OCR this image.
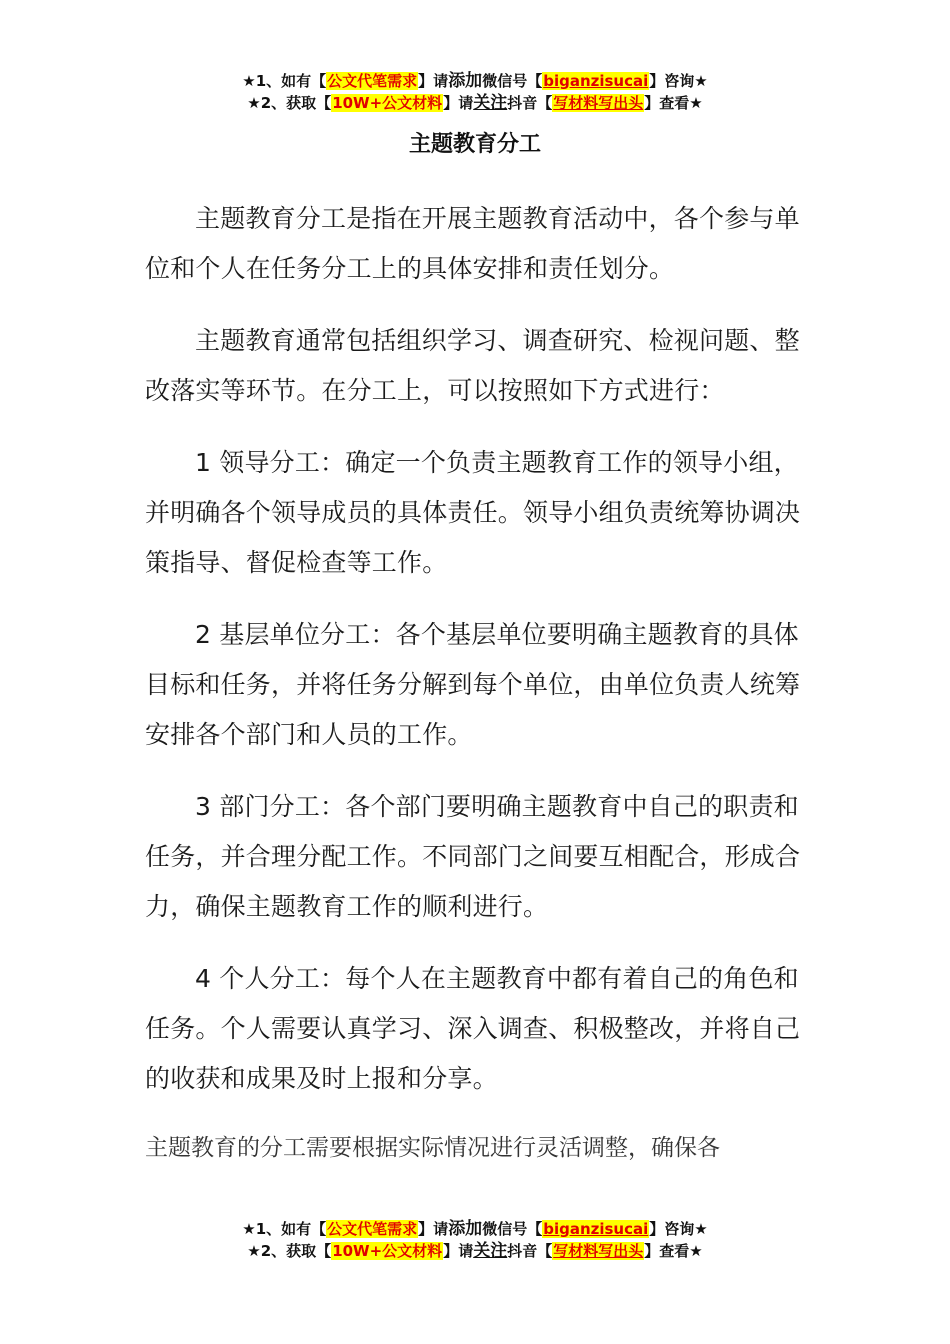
★1、如有【公文代笔需求】请添加微信号【biganzisucai】咨询★
★2、获取【10W+公文材料】请关注抖音【写材料写出头】查看★
主题教育分工

主题教育分工是指在开展主题教育活动中，各个参与单位和个人在任务分工上的具体安排和责任划分。

主题教育通常包括组织学习、调查研究、检视问题、整改落实等环节。在分工上，可以按照如下方式进行：

1 领导分工：确定一个负责主题教育工作的领导小组，并明确各个领导成员的具体责任。领导小组负责统筹协调决策指导、督促检查等工作。

2 基层单位分工：各个基层单位要明确主题教育的具体目标和任务，并将任务分解到每个单位，由单位负责人统筹安排各个部门和人员的工作。

3 部门分工：各个部门要明确主题教育中自己的职责和任务，并合理分配工作。不同部门之间要互相配合，形成合力，确保主题教育工作的顺利进行。

4 个人分工：每个人在主题教育中都有着自己的角色和任务。个人需要认真学习、深入调查、积极整改，并将自己的收获和成果及时上报和分享。

主题教育的分工需要根据实际情况进行灵活调整，确保各
★1、如有【公文代笔需求】请添加微信号【biganzisucai】咨询★
★2、获取【10W+公文材料】请关注抖音【写材料写出头】查看★
